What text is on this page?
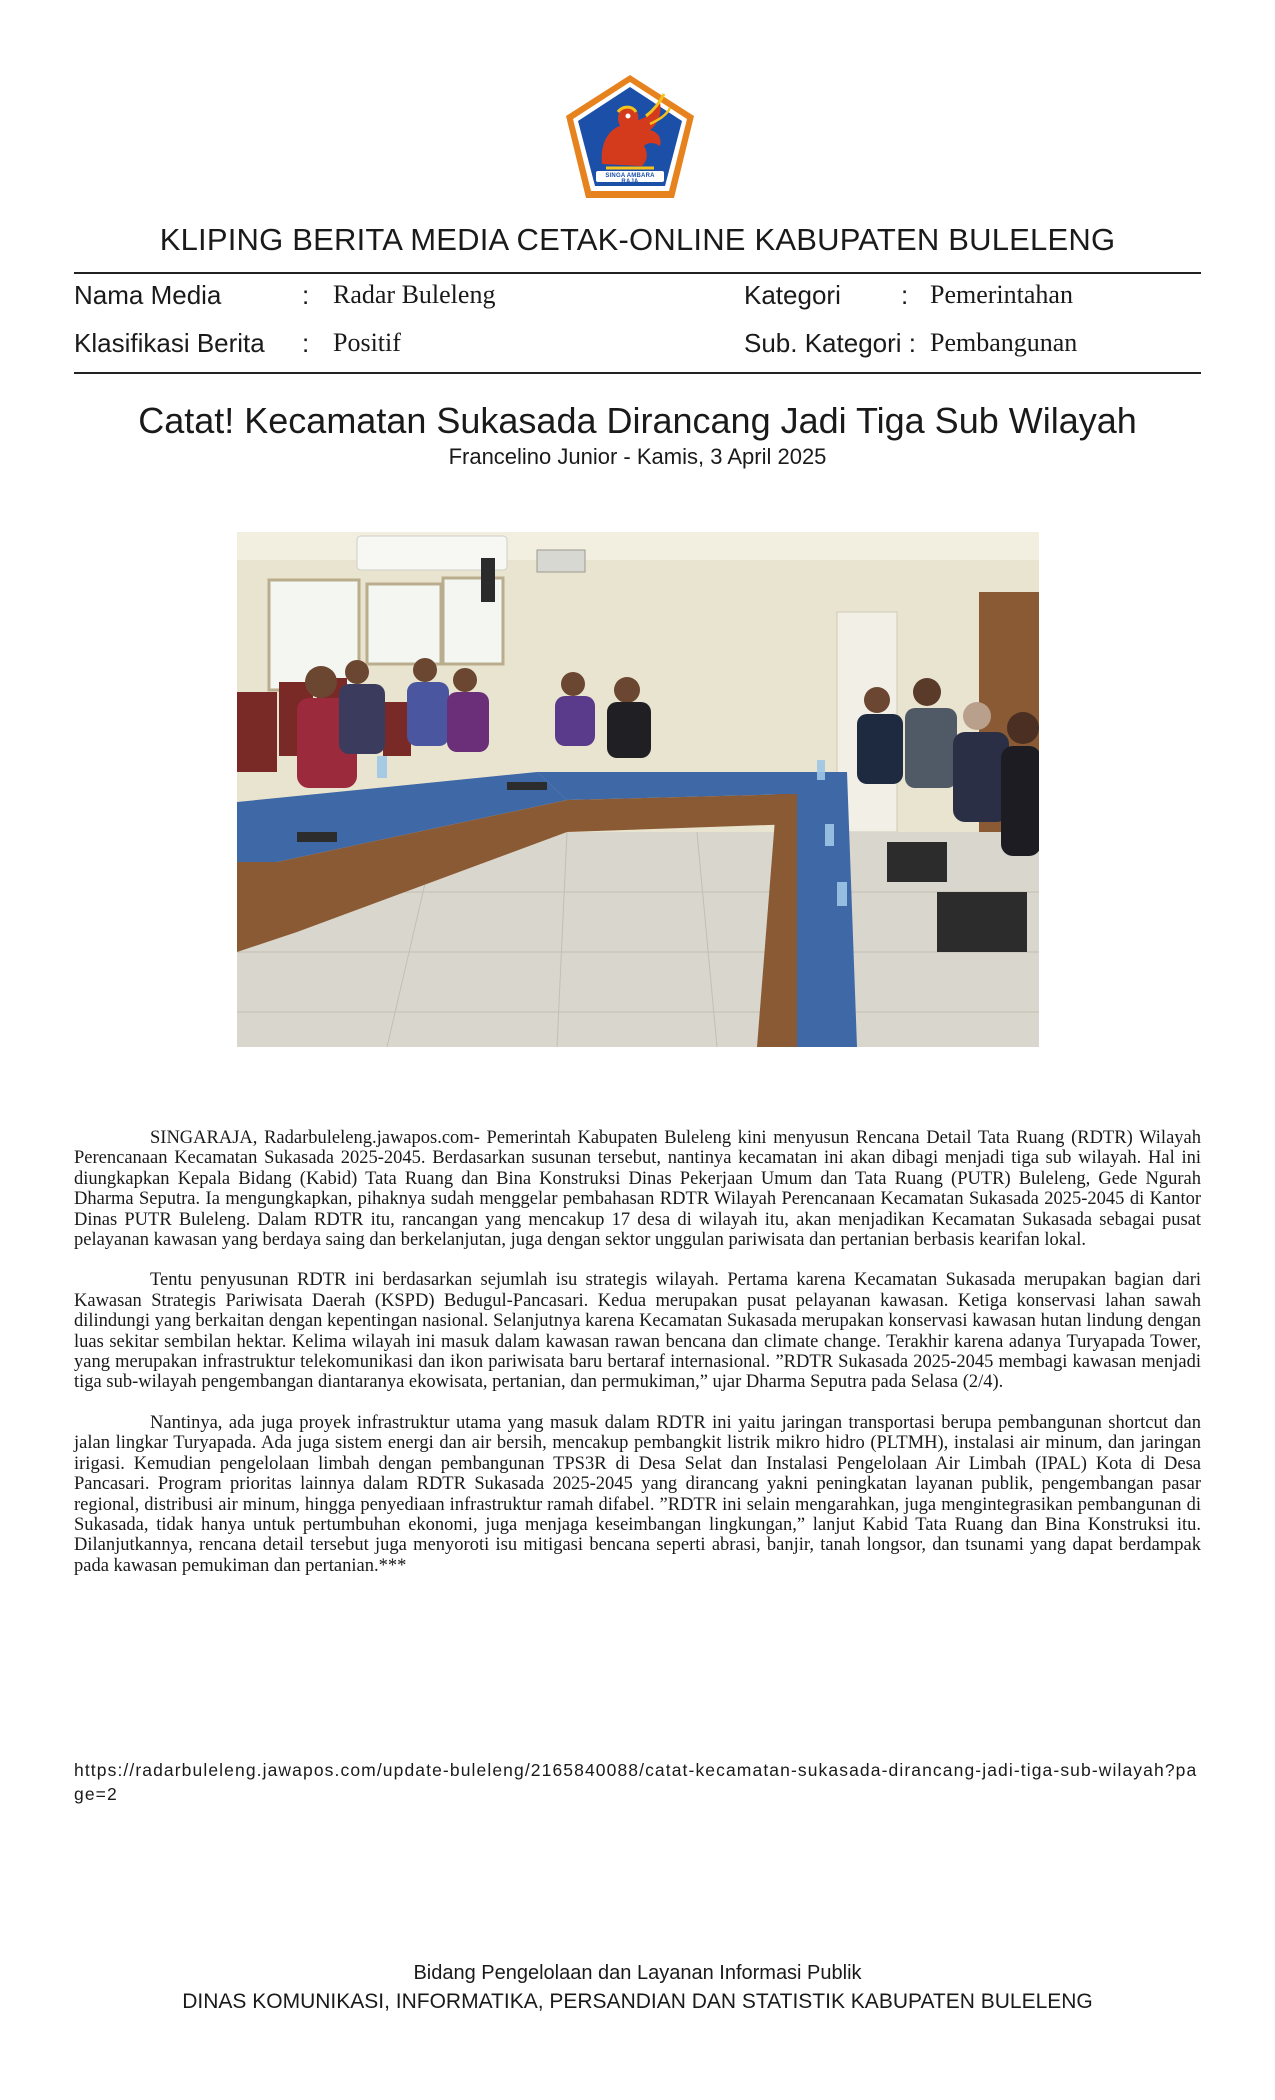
SINGA AMBARA RAJA
KLIPING BERITA MEDIA CETAK-ONLINE KABUPATEN BULELENG
Nama Media	: Radar Buleleng	Kategori : Pemerintahan
Klasifikasi Berita : Positif	Sub. Kategori : Pembangunan
Catat! Kecamatan Sukasada Dirancang Jadi Tiga Sub Wilayah
Francelino Junior - Kamis, 3 April 2025

SINGARAJA, Radarbuleleng.jawapos.com- Pemerintah Kabupaten Buleleng kini menyusun Rencana Detail Tata Ruang (RDTR) Wilayah Perencanaan Kecamatan Sukasada 2025-2045. Berdasarkan susunan tersebut, nantinya kecamatan ini akan dibagi menjadi tiga sub wilayah. Hal ini diungkapkan Kepala Bidang (Kabid) Tata Ruang dan Bina Konstruksi Dinas Pekerjaan Umum dan Tata Ruang (PUTR) Buleleng, Gede Ngurah Dharma Seputra. Ia mengungkapkan, pihaknya sudah menggelar pembahasan RDTR Wilayah Perencanaan Kecamatan Sukasada 2025-2045 di Kantor Dinas PUTR Buleleng. Dalam RDTR itu, rancangan yang mencakup 17 desa di wilayah itu, akan menjadikan Kecamatan Sukasada sebagai pusat pelayanan kawasan yang berdaya saing dan berkelanjutan, juga dengan sektor unggulan pariwisata dan pertanian berbasis kearifan lokal.

Tentu penyusunan RDTR ini berdasarkan sejumlah isu strategis wilayah. Pertama karena Kecamatan Sukasada merupakan bagian dari Kawasan Strategis Pariwisata Daerah (KSPD) Bedugul-Pancasari. Kedua merupakan pusat pelayanan kawasan. Ketiga konservasi lahan sawah dilindungi yang berkaitan dengan kepentingan nasional. Selanjutnya karena Kecamatan Sukasada merupakan konservasi kawasan hutan lindung dengan luas sekitar sembilan hektar. Kelima wilayah ini masuk dalam kawasan rawan bencana dan climate change. Terakhir karena adanya Turyapada Tower, yang merupakan infrastruktur telekomunikasi dan ikon pariwisata baru bertaraf internasional. ”RDTR Sukasada 2025-2045 membagi kawasan menjadi tiga sub-wilayah pengembangan diantaranya ekowisata, pertanian, dan permukiman,” ujar Dharma Seputra pada Selasa (2/4).

Nantinya, ada juga proyek infrastruktur utama yang masuk dalam RDTR ini yaitu jaringan transportasi berupa pembangunan shortcut dan jalan lingkar Turyapada. Ada juga sistem energi dan air bersih, mencakup pembangkit listrik mikro hidro (PLTMH), instalasi air minum, dan jaringan irigasi. Kemudian pengelolaan limbah dengan pembangunan TPS3R di Desa Selat dan Instalasi Pengelolaan Air Limbah (IPAL) Kota di Desa Pancasari. Program prioritas lainnya dalam RDTR Sukasada 2025-2045 yang dirancang yakni peningkatan layanan publik, pengembangan pasar regional, distribusi air minum, hingga penyediaan infrastruktur ramah difabel. ”RDTR ini selain mengarahkan, juga mengintegrasikan pembangunan di Sukasada, tidak hanya untuk pertumbuhan ekonomi, juga menjaga keseimbangan lingkungan,” lanjut Kabid Tata Ruang dan Bina Konstruksi itu. Dilanjutkannya, rencana detail tersebut juga menyoroti isu mitigasi bencana seperti abrasi, banjir, tanah longsor, dan tsunami yang dapat berdampak pada kawasan pemukiman dan pertanian.***

https://radarbuleleng.jawapos.com/update-buleleng/2165840088/catat-kecamatan-sukasada-dirancang-jadi-tiga-sub-wilayah?page=2
Bidang Pengelolaan dan Layanan Informasi Publik
DINAS KOMUNIKASI, INFORMATIKA, PERSANDIAN DAN STATISTIK KABUPATEN BULELENG
